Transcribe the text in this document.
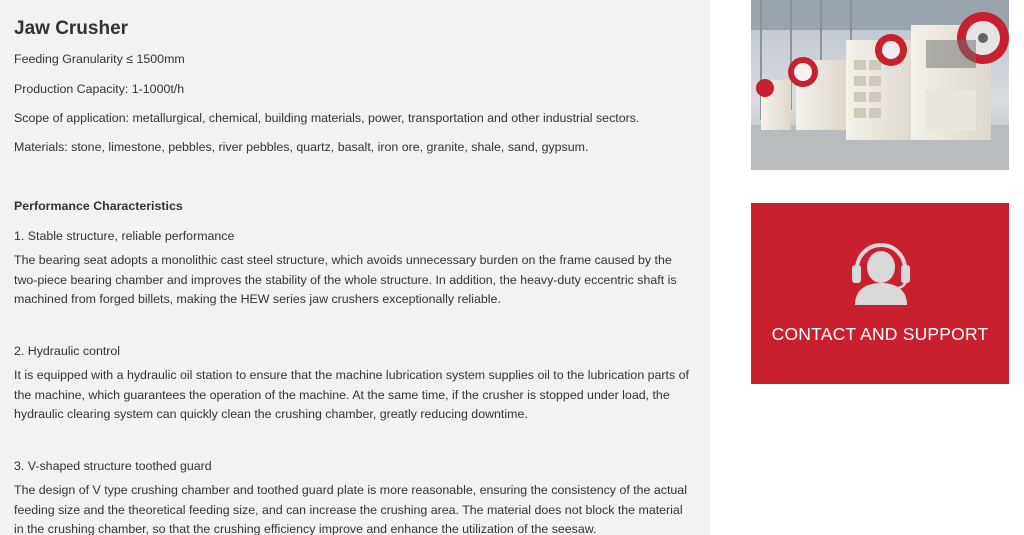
Jaw Crusher

Feeding Granularity ≤ 1500mm

Production Capacity: 1-1000t/h

Scope of application: metallurgical, chemical, building materials, power, transportation and other industrial sectors.

Materials: stone, limestone, pebbles, river pebbles, quartz, basalt, iron ore, granite, shale, sand, gypsum.

Performance Characteristics

1. Stable structure, reliable performance

The bearing seat adopts a monolithic cast steel structure, which avoids unnecessary burden on the frame caused by the two-piece bearing chamber and improves the stability of the whole structure. In addition, the heavy-duty eccentric shaft is machined from forged billets, making the HEW series jaw crushers exceptionally reliable.

2. Hydraulic control

It is equipped with a hydraulic oil station to ensure that the machine lubrication system supplies oil to the lubrication parts of the machine, which guarantees the operation of the machine. At the same time, if the crusher is stopped under load, the hydraulic clearing system can quickly clean the crushing chamber, greatly reducing downtime.

3. V-shaped structure toothed guard

The design of V type crushing chamber and toothed guard plate is more reasonable, ensuring the consistency of the actual feeding size and the theoretical feeding size, and can increase the crushing area. The material does not block the material in the crushing chamber, so that the crushing efficiency improve and enhance the utilization of the seesaw.

CONTACT AND SUPPORT
